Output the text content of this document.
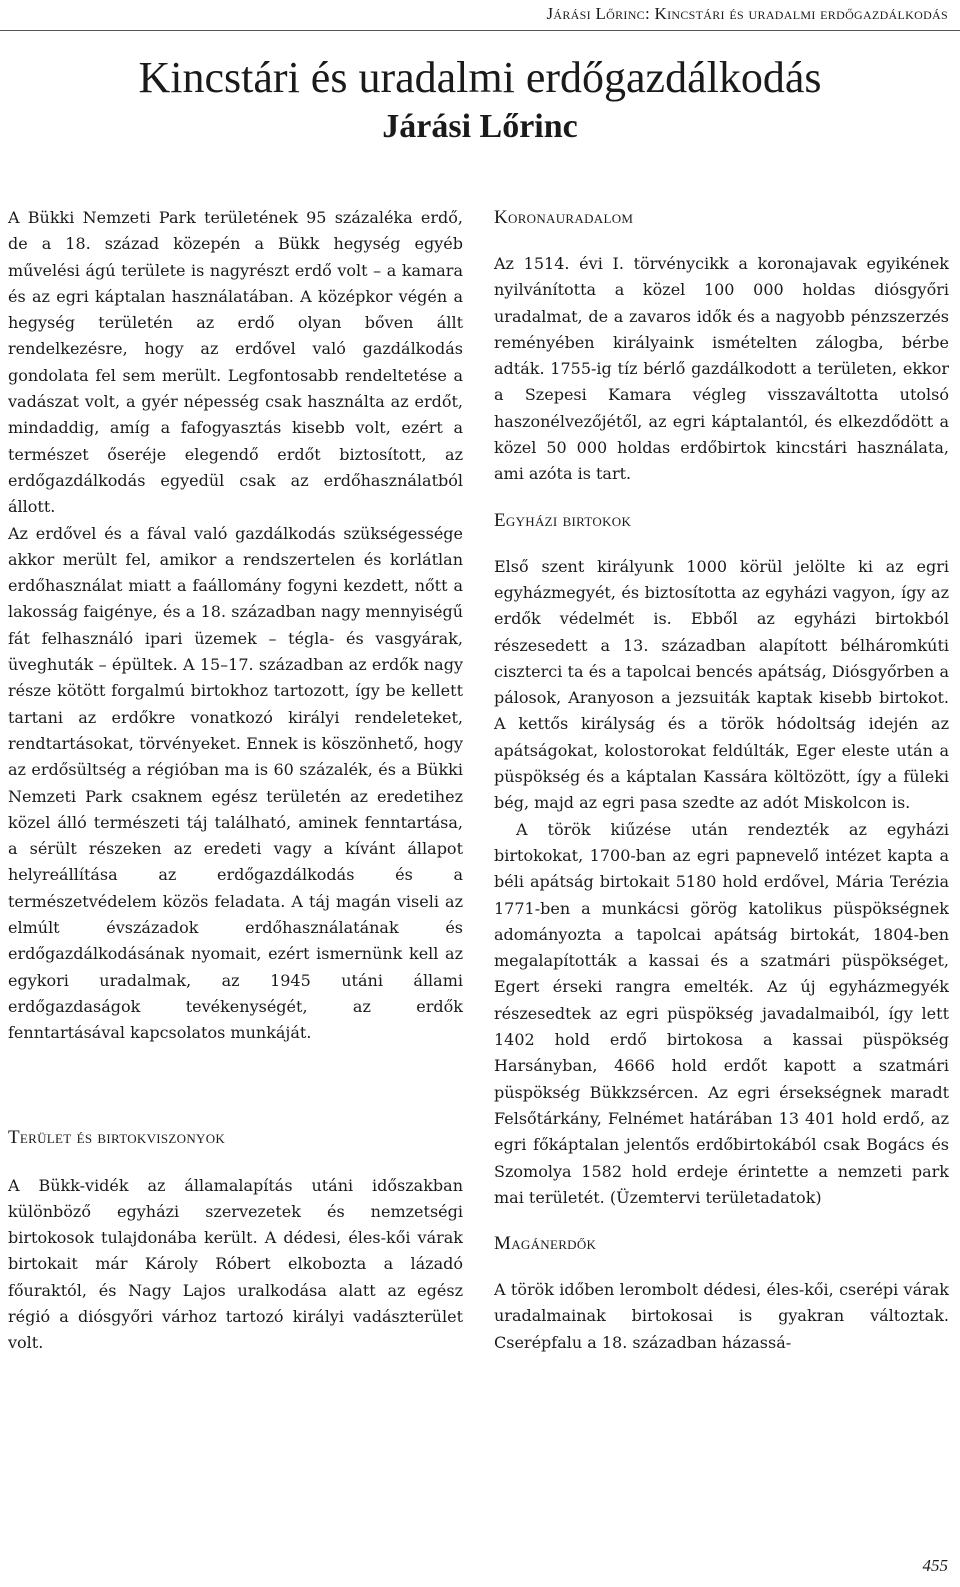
Járási Lőrinc: Kincstári és uradalmi erdőgazdálkodás
Kincstári és uradalmi erdőgazdálkodás
Járási Lőrinc

A Bükki Nemzeti Park területének 95 százaléka erdő, de a 18. század közepén a Bükk hegység egyéb művelési ágú területe is nagyrészt erdő volt – a kamara és az egri káptalan használatában. A középkor végén a hegység területén az erdő olyan bőven állt rendelkezésre, hogy az erdővel való gazdálkodás gondolata fel sem merült. Legfontosabb rendeltetése a vadászat volt, a gyér népesség csak használta az erdőt, mindaddig, amíg a fafogyasztás kisebb volt, ezért a természet őseréje elegendő erdőt biztosított, az erdőgazdálkodás egyedül csak az erdőhasználatból állott.

Az erdővel és a fával való gazdálkodás szükségessége akkor merült fel, amikor a rendszertelen és korlátlan erdőhasználat miatt a faállomány fogyni kezdett, nőtt a lakosság faigénye, és a 18. században nagy mennyiségű fát felhasználó ipari üzemek – tégla- és vasgyárak, üveghuták – épültek. A 15–17. században az erdők nagy része kötött forgalmú birtokhoz tartozott, így be kellett tartani az erdőkre vonatkozó királyi rendeleteket, rendtartásokat, törvényeket. Ennek is köszönhető, hogy az erdősültség a régióban ma is 60 százalék, és a Bükki Nemzeti Park csaknem egész területén az eredetihez közel álló természeti táj található, aminek fenntartása, a sérült részeken az eredeti vagy a kívánt állapot helyreállítása az erdőgazdálkodás és a természetvédelem közös feladata. A táj magán viseli az elmúlt évszázadok erdőhasználatának és erdőgazdálkodásának nyomait, ezért ismernünk kell az egykori uradalmak, az 1945 utáni állami erdőgazdaságok tevékenységét, az erdők fenntartásával kapcsolatos munkáját.

Terület és birtokviszonyok

A Bükk-vidék az államalapítás utáni időszakban különböző egyházi szervezetek és nemzetségi birtokosok tulajdonába került. A dédesi, éles-kői várak birtokait már Károly Róbert elkobozta a lázadó főuraktól, és Nagy Lajos uralkodása alatt az egész régió a diósgyőri várhoz tartozó királyi vadászterület volt.

Koronauradalom

Az 1514. évi I. törvénycikk a koronajavak egyikének nyilvánította a közel 100 000 holdas diósgyőri uradalmat, de a zavaros idők és a nagyobb pénzszerzés reményében királyaink ismételten zálogba, bérbe adták. 1755-ig tíz bérlő gazdálkodott a területen, ekkor a Szepesi Kamara végleg visszaváltotta utolsó haszonélvezőjétől, az egri káptalantól, és elkezdődött a közel 50 000 holdas erdőbirtok kincstári használata, ami azóta is tart.

Egyházi birtokok

Első szent királyunk 1000 körül jelölte ki az egri egyházmegyét, és biztosította az egyházi vagyon, így az erdők védelmét is. Ebből az egyházi birtokból részesedett a 13. században alapított bélháromkúti ciszterci ta és a tapolcai bencés apátság, Diósgyőrben a pálosok, Aranyoson a jezsuiták kaptak kisebb birtokot. A kettős királyság és a török hódoltság idején az apátságokat, kolostorokat feldúlták, Eger eleste után a püspökség és a káptalan Kassára költözött, így a füleki bég, majd az egri pasa szedte az adót Miskolcon is.

A török kiűzése után rendezték az egyházi birtokokat, 1700-ban az egri papnevelő intézet kapta a béli apátság birtokait 5180 hold erdővel, Mária Terézia 1771-ben a munkácsi görög katolikus püspökségnek adományozta a tapolcai apátság birtokát, 1804-ben megalapították a kassai és a szatmári püspökséget, Egert érseki rangra emelték. Az új egyházmegyék részesedtek az egri püspökség javadalmaiból, így lett 1402 hold erdő birtokosa a kassai püspökség Harsányban, 4666 hold erdőt kapott a szatmári püspökség Bükkzsércen. Az egri érsekségnek maradt Felsőtárkány, Felnémet határában 13 401 hold erdő, az egri főkáptalan jelentős erdőbirtokából csak Bogács és Szomolya 1582 hold erdeje érintette a nemzeti park mai területét. (Üzemtervi területadatok)

Magánerdők

A török időben lerombolt dédesi, éles-kői, cserépi várak uradalmainak birtokosai is gyakran változtak. Cserépfalu a 18. században házassá-

455
